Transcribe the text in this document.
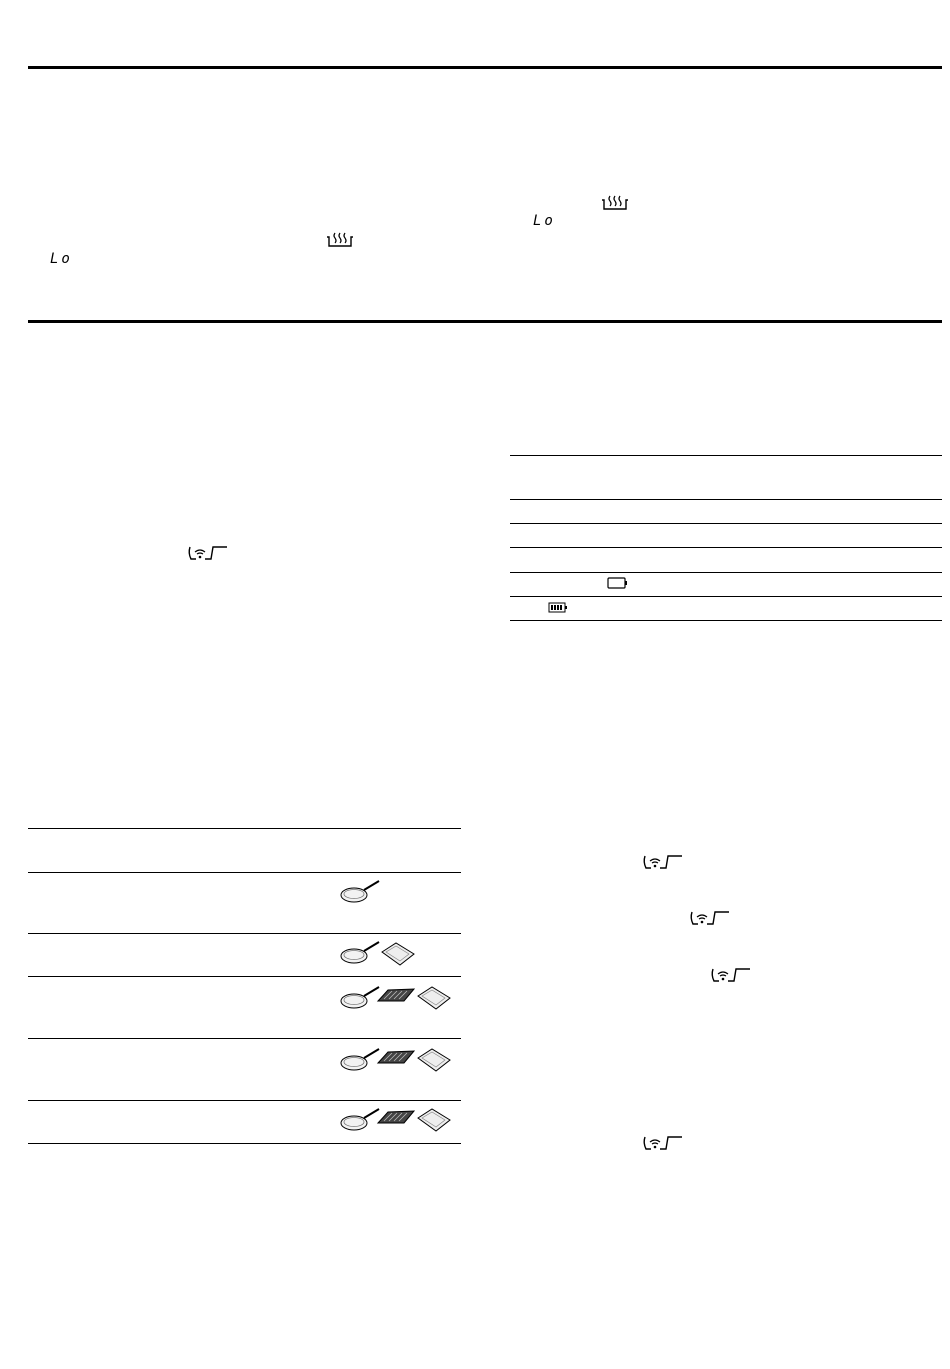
Lo
Lo
